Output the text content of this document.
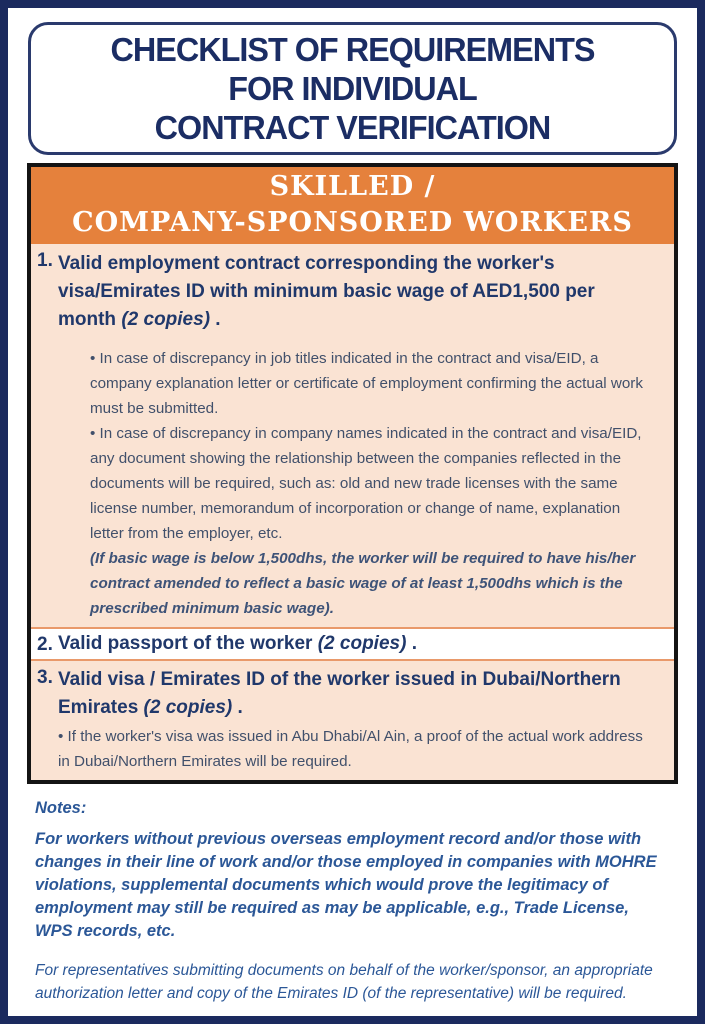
CHECKLIST OF REQUIREMENTS
FOR INDIVIDUAL
CONTRACT VERIFICATION
SKILLED /
COMPANY-SPONSORED WORKERS
1. Valid employment contract corresponding the worker's visa/Emirates ID with minimum basic wage of AED1,500 per month (2 copies) .

• In case of discrepancy in job titles indicated in the contract and visa/EID, a company explanation letter or certificate of employment confirming the actual work must be submitted.

• In case of discrepancy in company names indicated in the contract and visa/EID, any document showing the relationship between the companies reflected in the documents will be required, such as: old and new trade licenses with the same license number, memorandum of incorporation or change of name, explanation letter from the employer, etc.

(If basic wage is below 1,500dhs, the worker will be required to have his/her contract amended to reflect a basic wage of at least 1,500dhs which is the prescribed minimum basic wage).

2. Valid passport of the worker (2 copies) .
3. Valid visa / Emirates ID of the worker issued in Dubai/Northern Emirates (2 copies) .

• If the worker's visa was issued in Abu Dhabi/Al Ain, a proof of the actual work address in Dubai/Northern Emirates will be required.

Notes:

For workers without previous overseas employment record and/or those with changes in their line of work and/or those employed in companies with MOHRE violations, supplemental documents which would prove the legitimacy of employment may still be required as may be applicable, e.g., Trade License, WPS records, etc.

For representatives submitting documents on behalf of the worker/sponsor, an appropriate authorization letter and copy of the Emirates ID (of the representative) will be required.
